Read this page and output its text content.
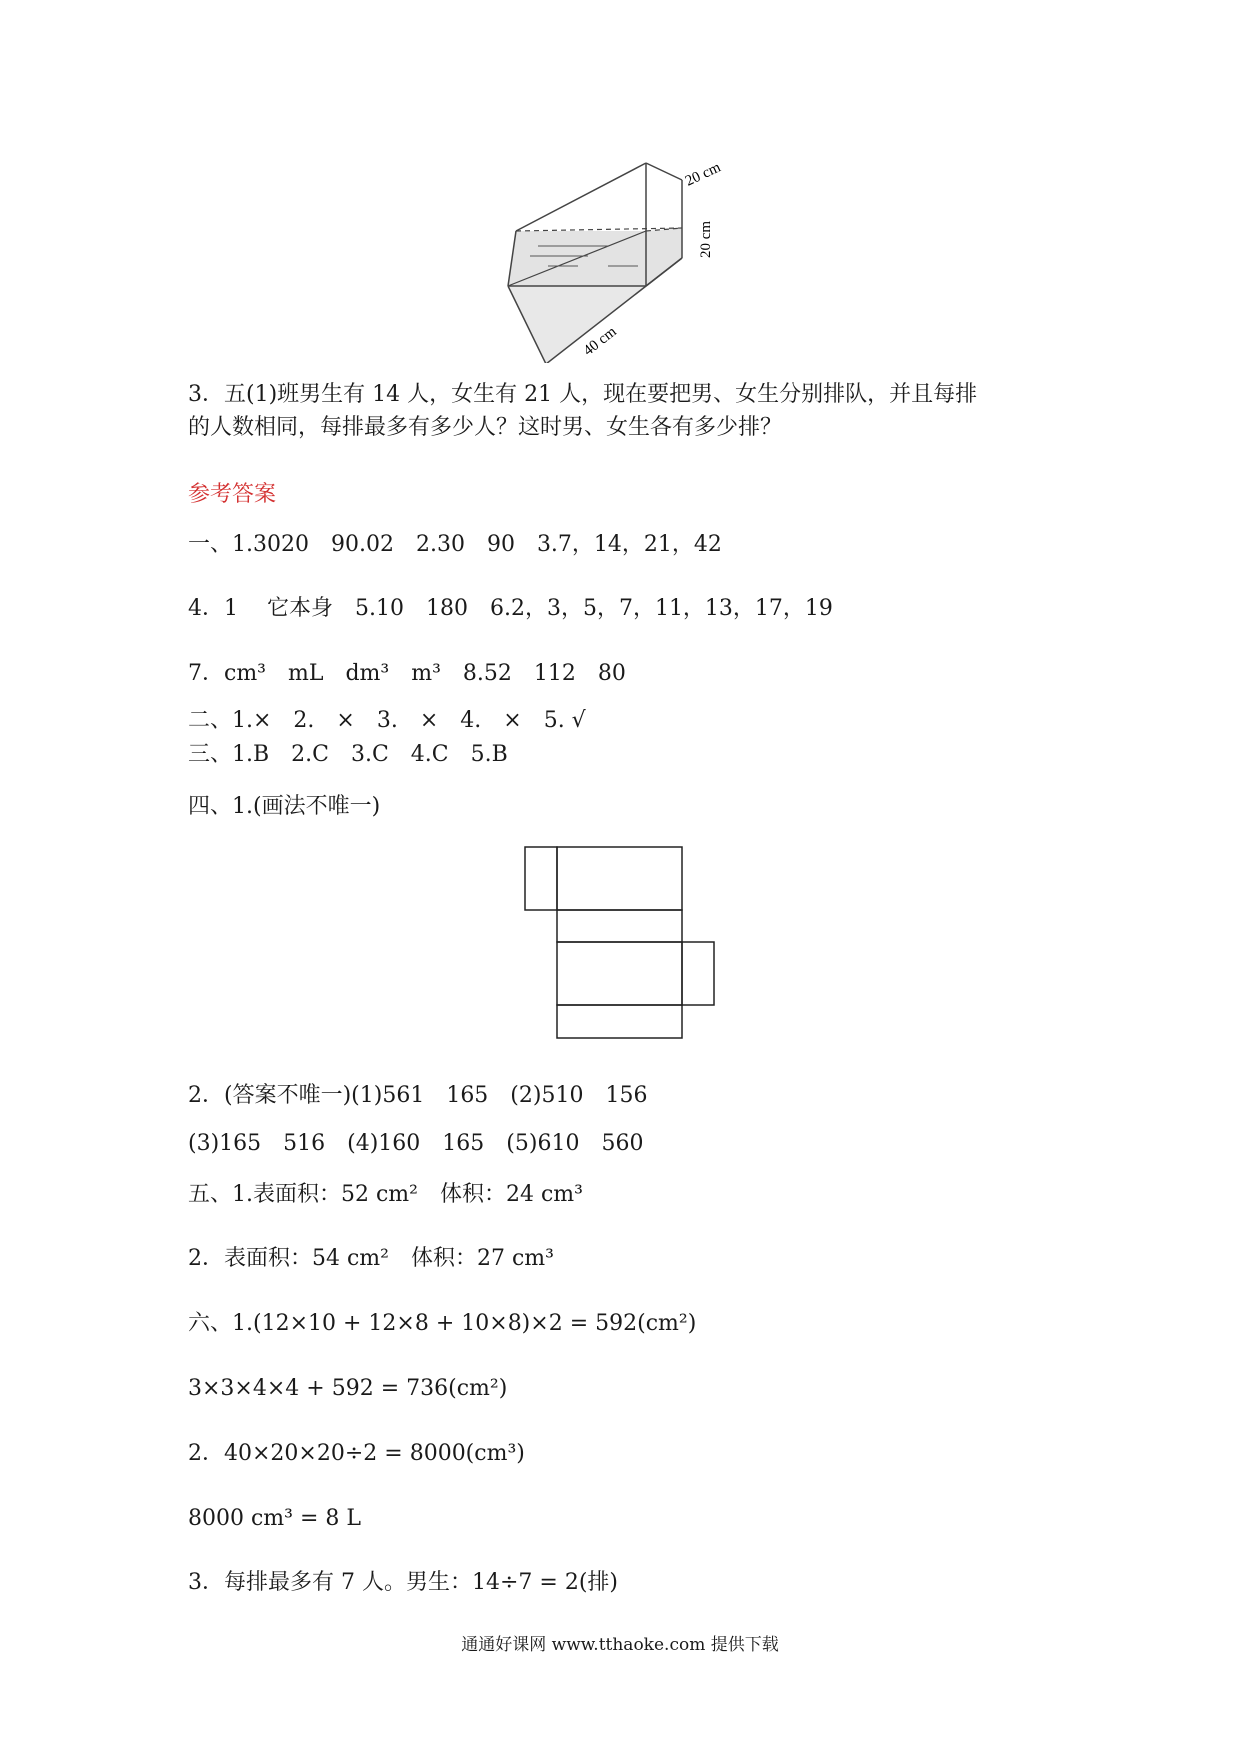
20 cm
20 cm
40 cm
3．五(1)班男生有 14 人，女生有 21 人，现在要把男、女生分别排队，并且每排
的人数相同，每排最多有多少人？这时男、女生各有多少排？
参考答案
一、1.3020　90.02　2.30　90　3.7，14，21，42
4．1　 它本身　5.10　180　6.2，3，5，7，11，13，17，19
7．cm³　mL　dm³　m³　8.52　112　80
二、1.×　2.　×　3.　×　4.　×　5. √
三、1.B　2.C　3.C　4.C　5.B
四、1.(画法不唯一)
2．(答案不唯一)(1)561　165　(2)510　156
(3)165　516　(4)160　165　(5)610　560
五、1.表面积：52 cm²　体积：24 cm³
2．表面积：54 cm²　体积：27 cm³
六、1.(12×10 + 12×8 + 10×8)×2 = 592(cm²)
3×3×4×4 + 592 = 736(cm²)
2．40×20×20÷2 = 8000(cm³)
8000 cm³ = 8 L
3．每排最多有 7 人。男生：14÷7 = 2(排)
通通好课网 www.tthaoke.com 提供下载
